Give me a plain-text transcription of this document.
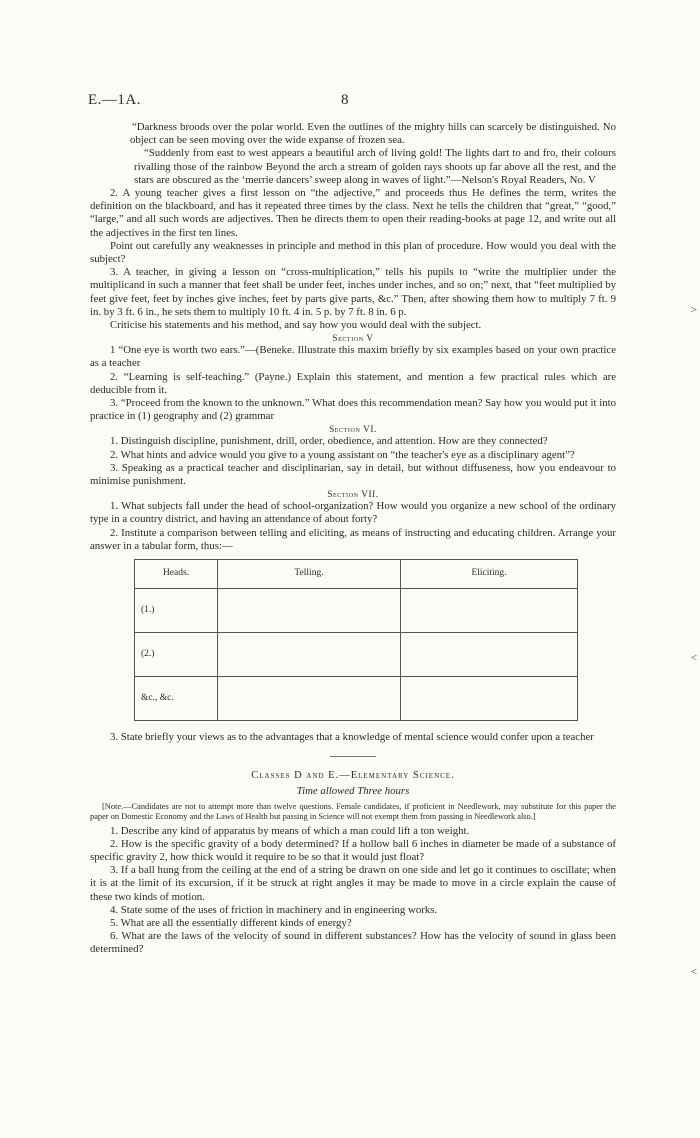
E.—1A.	8

“Darkness broods over the polar world. Even the outlines of the mighty hills can scarcely be distinguished. No object can be seen moving over the wide expanse of frozen sea.

“Suddenly from east to west appears a beautiful arch of living gold! The lights dart to and fro, their colours rivalling those of the rainbow Beyond the arch a stream of golden rays shoots up far above all the rest, and the stars are obscured as the ‘merrie dancers’ sweep along in waves of light.”—Nelson's Royal Readers, No. V

2. A young teacher gives a first lesson on “the adjective,” and proceeds thus He defines the term, writes the definition on the blackboard, and has it repeated three times by the class. Next he tells the children that “great,” “good,” “large,” and all such words are adjectives. Then he directs them to open their reading-books at page 12, and write out all the adjectives in the first ten lines.

Point out carefully any weaknesses in principle and method in this plan of procedure. How would you deal with the subject?

3. A teacher, in giving a lesson on “cross-multiplication,” tells his pupils to “write the multiplier under the multiplicand in such a manner that feet shall be under feet, inches under inches, and so on;” next, that “feet multiplied by feet give feet, feet by inches give inches, feet by parts give parts, &c.” Then, after showing them how to multiply 7 ft. 9 in. by 3 ft. 6 in., he sets them to multiply 10 ft. 4 in. 5 p. by 7 ft. 8 in. 6 p.

Criticise his statements and his method, and say how you would deal with the subject.

Section V

1 “One eye is worth two ears.”—(Beneke. Illustrate this maxim briefly by six examples based on your own practice as a teacher

2. “Learning is self-teaching.” (Payne.) Explain this statement, and mention a few practical rules which are deducible from it.

3. “Proceed from the known to the unknown.” What does this recommendation mean? Say how you would put it into practice in (1) geography and (2) grammar

Section VI.

1. Distinguish discipline, punishment, drill, order, obedience, and attention. How are they connected?

2. What hints and advice would you give to a young assistant on “the teacher's eye as a disciplinary agent”?

3. Speaking as a practical teacher and disciplinarian, say in detail, but without diffuseness, how you endeavour to minimise punishment.

Section VII.

1. What subjects fall under the head of school-organization? How would you organize a new school of the ordinary type in a country district, and having an attendance of about forty?

2. Institute a comparison between telling and eliciting, as means of instructing and educating children. Arrange your answer in a tabular form, thus:—

Heads.	Telling.	Eliciting.
(1.)		
(2.)		
&c., &c.		

3. State briefly your views as to the advantages that a knowledge of mental science would confer upon a teacher

Classes D and E.—Elementary Science.

Time allowed Three hours

[Note.—Candidates are not to attempt more than twelve questions. Female candidates, if proficient in Needlework, may substitute for this paper the paper on Domestic Economy and the Laws of Health but passing in Science will not exempt them from passing in Needlework also.]

1. Describe any kind of apparatus by means of which a man could lift a ton weight.

2. How is the specific gravity of a body determined? If a hollow ball 6 inches in diameter be made of a substance of specific gravity 2, how thick would it require to be so that it would just float?

3. If a ball hung from the ceiling at the end of a string be drawn on one side and let go it continues to oscillate; when it is at the limit of its excursion, if it be struck at right angles it may be made to move in a circle explain the cause of these two kinds of motion.

4. State some of the uses of friction in machinery and in engineering works.

5. What are all the essentially different kinds of energy?

6. What are the laws of the velocity of sound in different substances? How has the velocity of sound in glass been determined?

>
<
<
